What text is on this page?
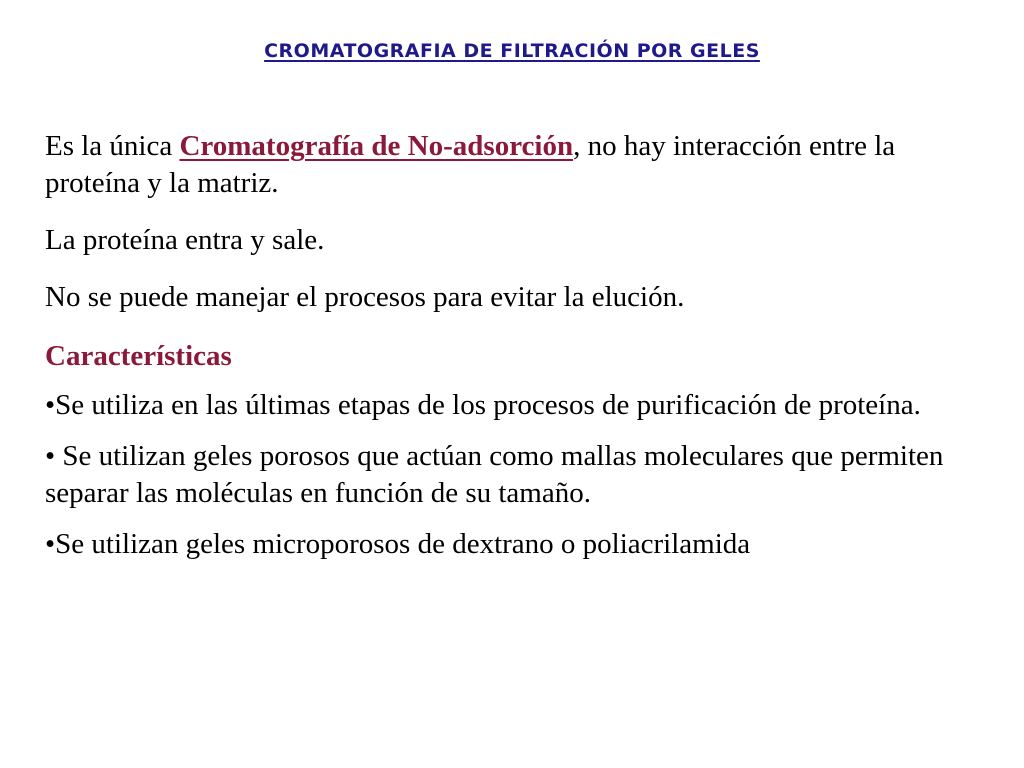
CROMATOGRAFIA DE FILTRACIÓN POR GELES

Es la única Cromatografía de No-adsorción, no hay interacción entre la proteína y la matriz.

La proteína entra y sale.

No se puede manejar el procesos para evitar la elución.

Características

•Se utiliza en las últimas etapas de los procesos de purificación de proteína.

• Se utilizan geles porosos que actúan como mallas moleculares que permiten separar las moléculas en función de su tamaño.

•Se utilizan geles microporosos de dextrano o poliacrilamida
